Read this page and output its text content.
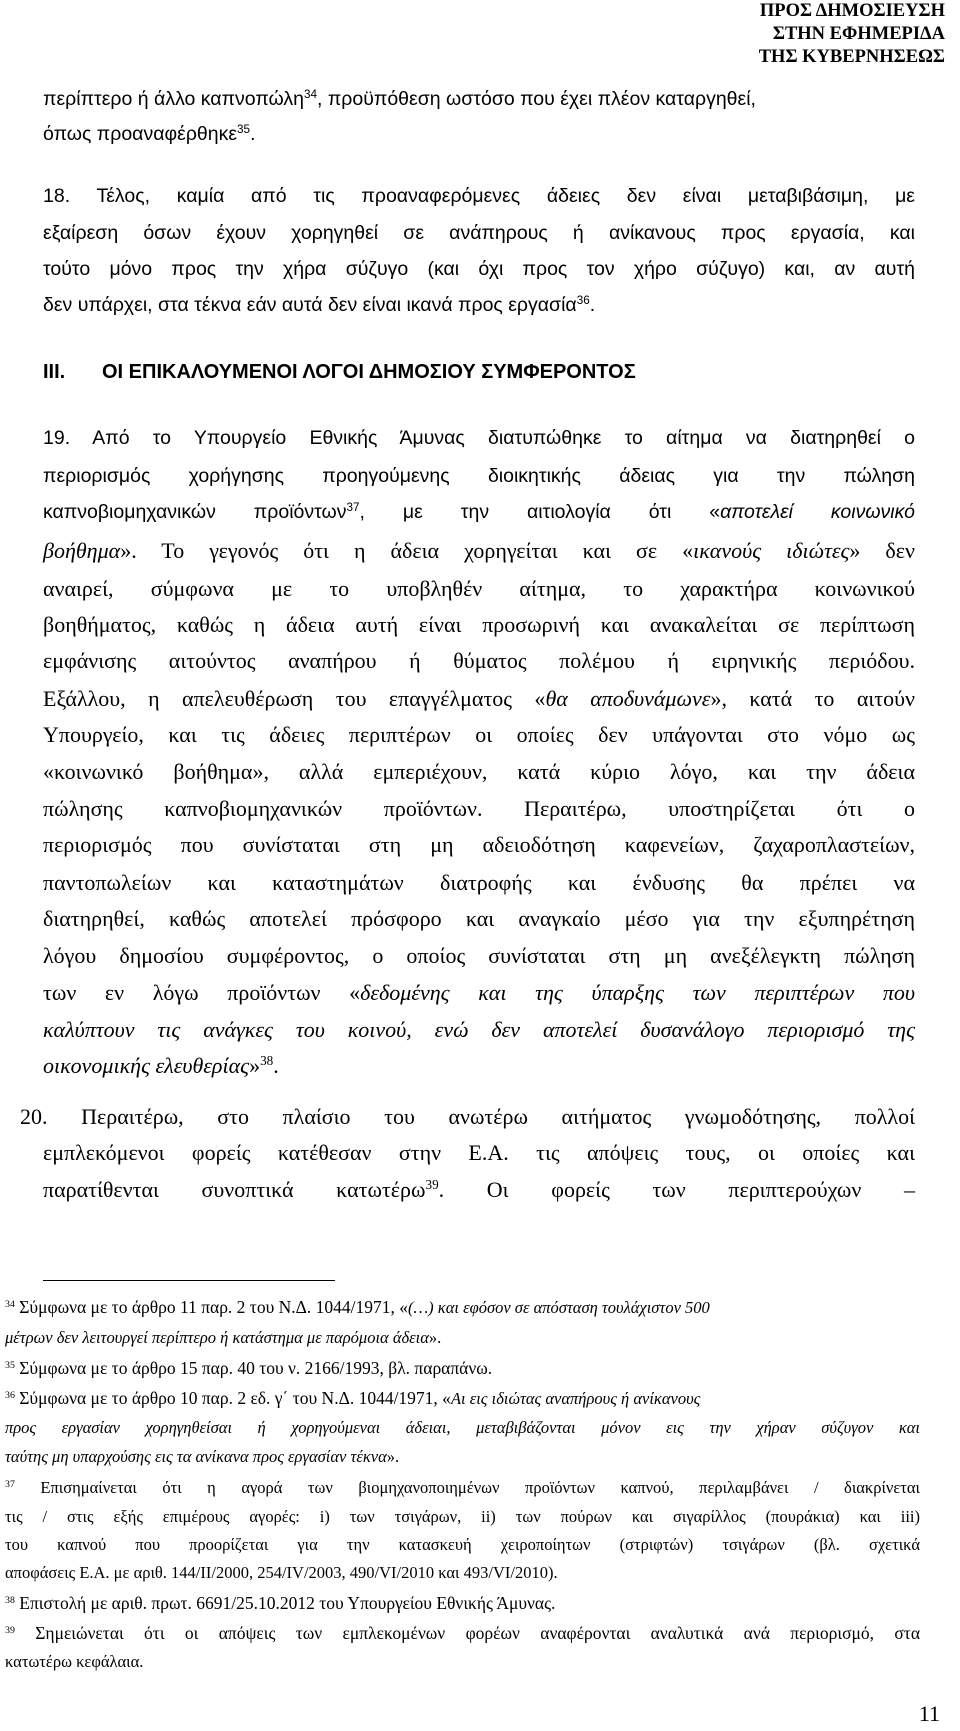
ΠΡΟΣ ΔΗΜΟΣΙΕΥΣΗ
ΣΤΗΝ ΕΦΗΜΕΡΙΔΑ
ΤΗΣ ΚΥΒΕΡΝΗΣΕΩΣ
περίπτερο ή άλλο καπνοπώλη$^{34}$, προϋπόθεση ωστόσο που έχει πλέον καταργηθεί,
όπως προαναφέρθηκε$^{35}$.
18. Τέλος, καμία από τις προαναφερόμενες άδειες δεν είναι μεταβιβάσιμη, με
εξαίρεση όσων έχουν χορηγηθεί σε ανάπηρους ή ανίκανους προς εργασία, και
τούτο μόνο προς την χήρα σύζυγο (και όχι προς τον χήρο σύζυγο) και, αν αυτή
δεν υπάρχει, στα τέκνα εάν αυτά δεν είναι ικανά προς εργασία$^{36}$.
ΙΙΙ. ΟΙ ΕΠΙΚΑΛΟΥΜΕΝΟΙ ΛΟΓΟΙ ΔΗΜΟΣΙΟΥ ΣΥΜΦΕΡΟΝΤΟΣ
19. Από το Υπουργείο Εθνικής Άμυνας διατυπώθηκε το αίτημα να διατηρηθεί ο
περιορισμός χορήγησης προηγούμενης διοικητικής άδειας για την πώληση
καπνοβιομηχανικών προϊόντων$^{37}$, με την αιτιολογία ότι «αποτελεί κοινωνικό
βοήθημα». Το γεγονός ότι η άδεια χορηγείται και σε «ικανούς ιδιώτες» δεν
αναιρεί, σύμφωνα με το υποβληθέν αίτημα, το χαρακτήρα κοινωνικού
βοηθήματος, καθώς η άδεια αυτή είναι προσωρινή και ανακαλείται σε περίπτωση
εμφάνισης αιτούντος αναπήρου ή θύματος πολέμου ή ειρηνικής περιόδου.
Εξάλλου, η απελευθέρωση του επαγγέλματος «θα αποδυνάμωνε», κατά το αιτούν
Υπουργείο, και τις άδειες περιπτέρων οι οποίες δεν υπάγονται στο νόμο ως
«κοινωνικό βοήθημα», αλλά εμπεριέχουν, κατά κύριο λόγο, και την άδεια
πώλησης καπνοβιομηχανικών προϊόντων. Περαιτέρω, υποστηρίζεται ότι ο
περιορισμός που συνίσταται στη μη αδειοδότηση καφενείων, ζαχαροπλαστείων,
παντοπωλείων και καταστημάτων διατροφής και ένδυσης θα πρέπει να
διατηρηθεί, καθώς αποτελεί πρόσφορο και αναγκαίο μέσο για την εξυπηρέτηση
λόγου δημοσίου συμφέροντος, ο οποίος συνίσταται στη μη ανεξέλεγκτη πώληση
των εν λόγω προϊόντων «δεδομένης και της ύπαρξης των περιπτέρων που
καλύπτουν τις ανάγκες του κοινού, ενώ δεν αποτελεί δυσανάλογο περιορισμό της
οικονομικής ελευθερίας»$^{38}$.
20. Περαιτέρω, στο πλαίσιο του ανωτέρω αιτήματος γνωμοδότησης, πολλοί
εμπλεκόμενοι φορείς κατέθεσαν στην Ε.Α. τις απόψεις τους, οι οποίες και
παρατίθενται συνοπτικά κατωτέρω$^{39}$. Οι φορείς των περιπτερούχων –
$^{34}$ Σύμφωνα με το άρθρο 11 παρ. 2 του Ν.Δ. 1044/1971, «(…) και εφόσον σε απόσταση τουλάχιστον 500
μέτρων δεν λειτουργεί περίπτερο ή κατάστημα με παρόμοια άδεια».
$^{35}$ Σύμφωνα με το άρθρο 15 παρ. 40 του ν. 2166/1993, βλ. παραπάνω.
$^{36}$ Σύμφωνα με το άρθρο 10 παρ. 2 εδ. γ΄ του Ν.Δ. 1044/1971, «Αι εις ιδιώτας αναπήρους ή ανίκανους
προς εργασίαν χορηγηθείσαι ή χορηγούμεναι άδειαι, μεταβιβάζονται μόνον εις την χήραν σύζυγον και
ταύτης μη υπαρχούσης εις τα ανίκανα προς εργασίαν τέκνα».
$^{37}$ Επισημαίνεται ότι η αγορά των βιομηχανοποιημένων προϊόντων καπνού, περιλαμβάνει / διακρίνεται
τις / στις εξής επιμέρους αγορές: i) των τσιγάρων, ii) των πούρων και σιγαρίλλος (πουράκια) και iii)
του καπνού που προορίζεται για την κατασκευή χειροποίητων (στριφτών) τσιγάρων (βλ. σχετικά
αποφάσεις Ε.Α. με αριθ. 144/ΙΙ/2000, 254/ΙV/2003, 490/VI/2010 και 493/VI/2010).
$^{38}$ Επιστολή με αριθ. πρωτ. 6691/25.10.2012 του Υπουργείου Εθνικής Άμυνας.
$^{39}$ Σημειώνεται ότι οι απόψεις των εμπλεκομένων φορέων αναφέρονται αναλυτικά ανά περιορισμό, στα
κατωτέρω κεφάλαια.
11
